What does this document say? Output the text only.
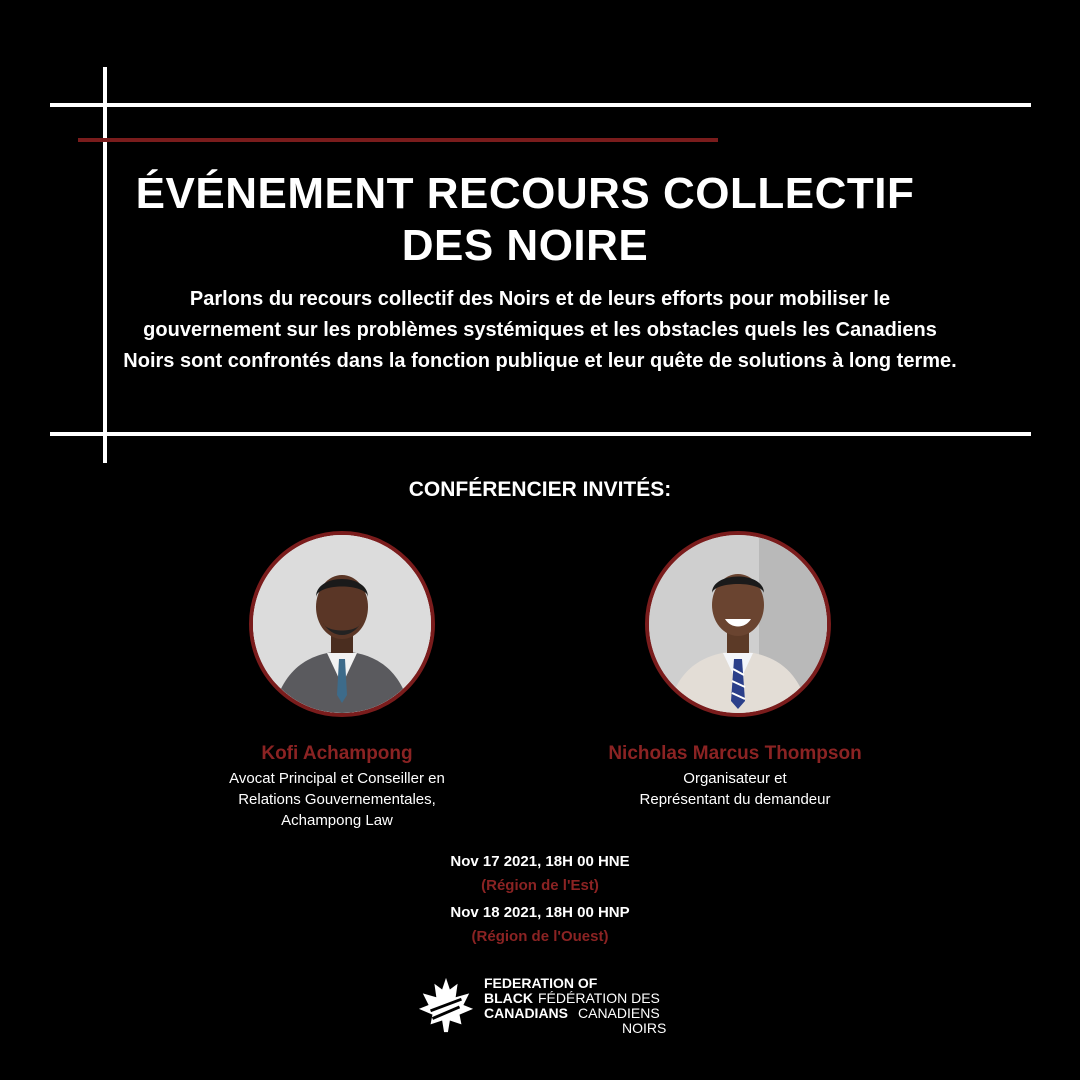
ÉVÉNEMENT RECOURS COLLECTIF
DES NOIRE
Parlons du recours collectif des Noirs et de leurs efforts pour mobiliser le gouvernement sur les problèmes systémiques et les obstacles quels les Canadiens Noirs sont confrontés dans la fonction publique et leur quête de solutions à long terme.
CONFÉRENCIER INVITÉS:
Kofi Achampong
Avocat Principal et Conseiller en
Relations Gouvernementales,
Achampong Law
Nicholas Marcus Thompson
Organisateur et
Représentant du demandeur
Nov 17 2021, 18H 00 HNE
(Région de l'Est)
Nov 18 2021, 18H 00 HNP
(Région de l'Ouest)
FEDERATION OF
BLACK FÉDÉRATION DES
CANADIANS CANADIENS
NOIRS
